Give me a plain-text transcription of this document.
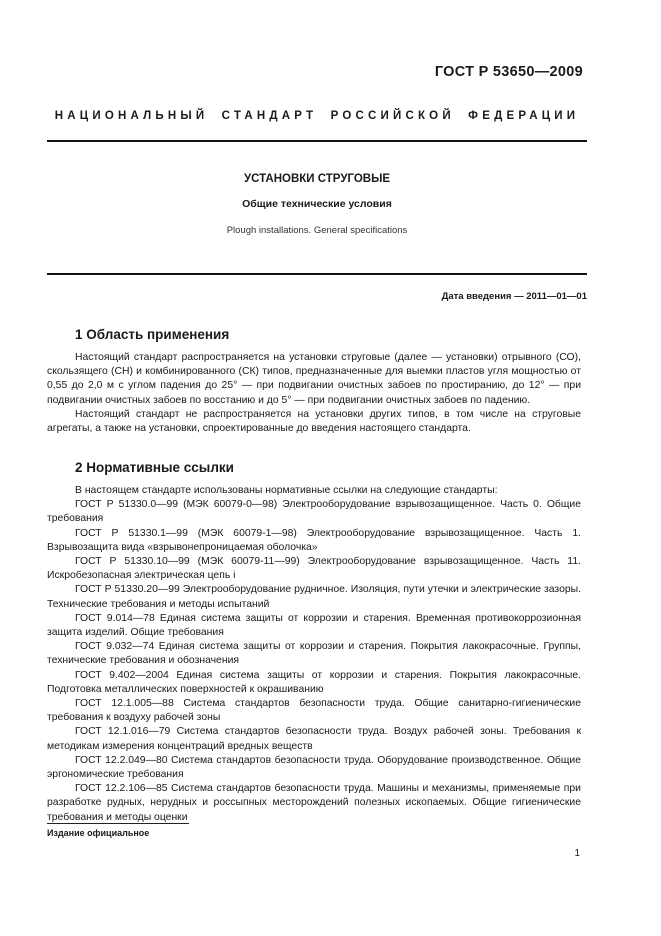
ГОСТ Р 53650—2009
НАЦИОНАЛЬНЫЙ СТАНДАРТ РОССИЙСКОЙ ФЕДЕРАЦИИ
УСТАНОВКИ СТРУГОВЫЕ
Общие технические условия
Plough installations. General specifications
Дата введения — 2011—01—01
1 Область применения

Настоящий стандарт распространяется на установки струговые (далее — установки) отрывного (СО), скользящего (СН) и комбинированного (СК) типов, предназначенные для выемки пластов угля мощностью от 0,55 до 2,0 м с углом падения до 25° — при подвигании очистных забоев по простиранию, до 12° — при подвигании очистных забоев по восстанию и до 5° — при подвигании очистных забоев по падению.

Настоящий стандарт не распространяется на установки других типов, в том числе на струговые агрегаты, а также на установки, спроектированные до введения настоящего стандарта.

2 Нормативные ссылки

В настоящем стандарте использованы нормативные ссылки на следующие стандарты:

ГОСТ Р 51330.0—99 (МЭК 60079-0—98) Электрооборудование взрывозащищенное. Часть 0. Общие требования

ГОСТ Р 51330.1—99 (МЭК 60079-1—98) Электрооборудование взрывозащищенное. Часть 1. Взрывозащита вида «взрывонепроницаемая оболочка»

ГОСТ Р 51330.10—99 (МЭК 60079-11—99) Электрооборудование взрывозащищенное. Часть 11. Искробезопасная электрическая цепь i

ГОСТ Р 51330.20—99 Электрооборудование рудничное. Изоляция, пути утечки и электрические зазоры. Технические требования и методы испытаний

ГОСТ 9.014—78 Единая система защиты от коррозии и старения. Временная противокоррозионная защита изделий. Общие требования

ГОСТ 9.032—74 Единая система защиты от коррозии и старения. Покрытия лакокрасочные. Группы, технические требования и обозначения

ГОСТ 9.402—2004 Единая система защиты от коррозии и старения. Покрытия лакокрасочные. Подготовка металлических поверхностей к окрашиванию

ГОСТ 12.1.005—88 Система стандартов безопасности труда. Общие санитарно-гигиенические требования к воздуху рабочей зоны

ГОСТ 12.1.016—79 Система стандартов безопасности труда. Воздух рабочей зоны. Требования к методикам измерения концентраций вредных веществ

ГОСТ 12.2.049—80 Система стандартов безопасности труда. Оборудование производственное. Общие эргономические требования

ГОСТ 12.2.106—85 Система стандартов безопасности труда. Машины и механизмы, применяемые при разработке рудных, нерудных и россыпных месторождений полезных ископаемых. Общие гигиенические требования и методы оценки

Издание официальное
1
